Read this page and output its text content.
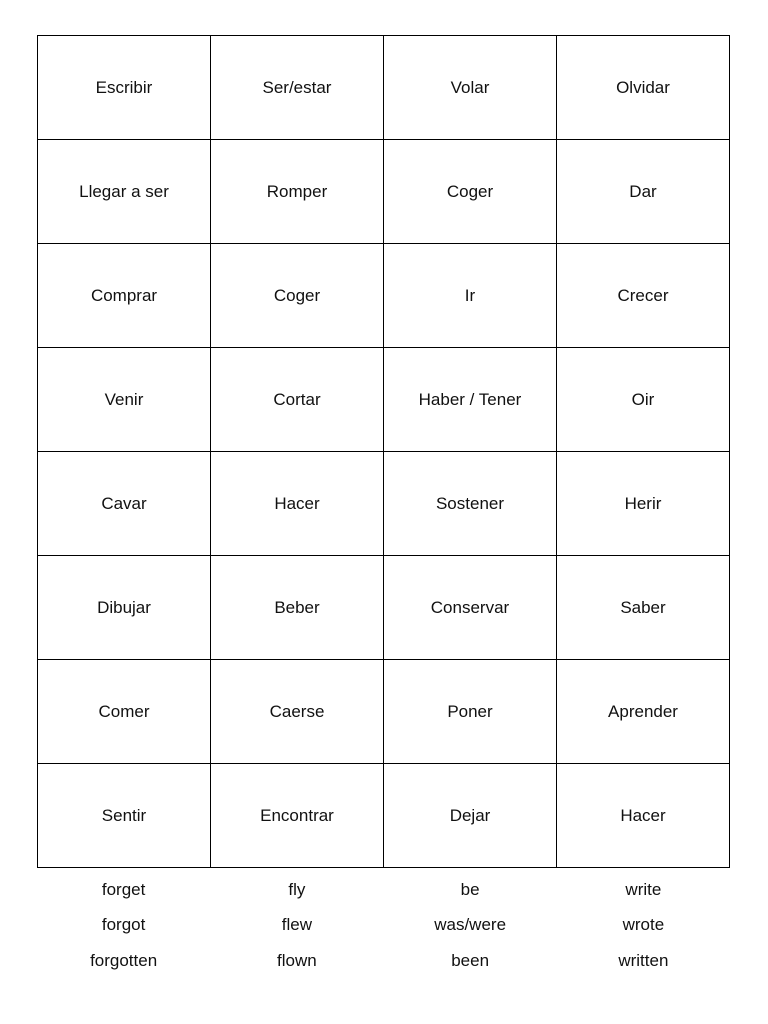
Escribir	Ser/estar	Volar	Olvidar
Llegar a ser	Romper	Coger	Dar
Comprar	Coger	Ir	Crecer
Venir	Cortar	Haber / Tener	Oir
Cavar	Hacer	Sostener	Herir
Dibujar	Beber	Conservar	Saber
Comer	Caerse	Poner	Aprender
Sentir	Encontrar	Dejar	Hacer
forget	fly	be	write
forgot	flew	was/were	wrote
forgotten	flown	been	written
